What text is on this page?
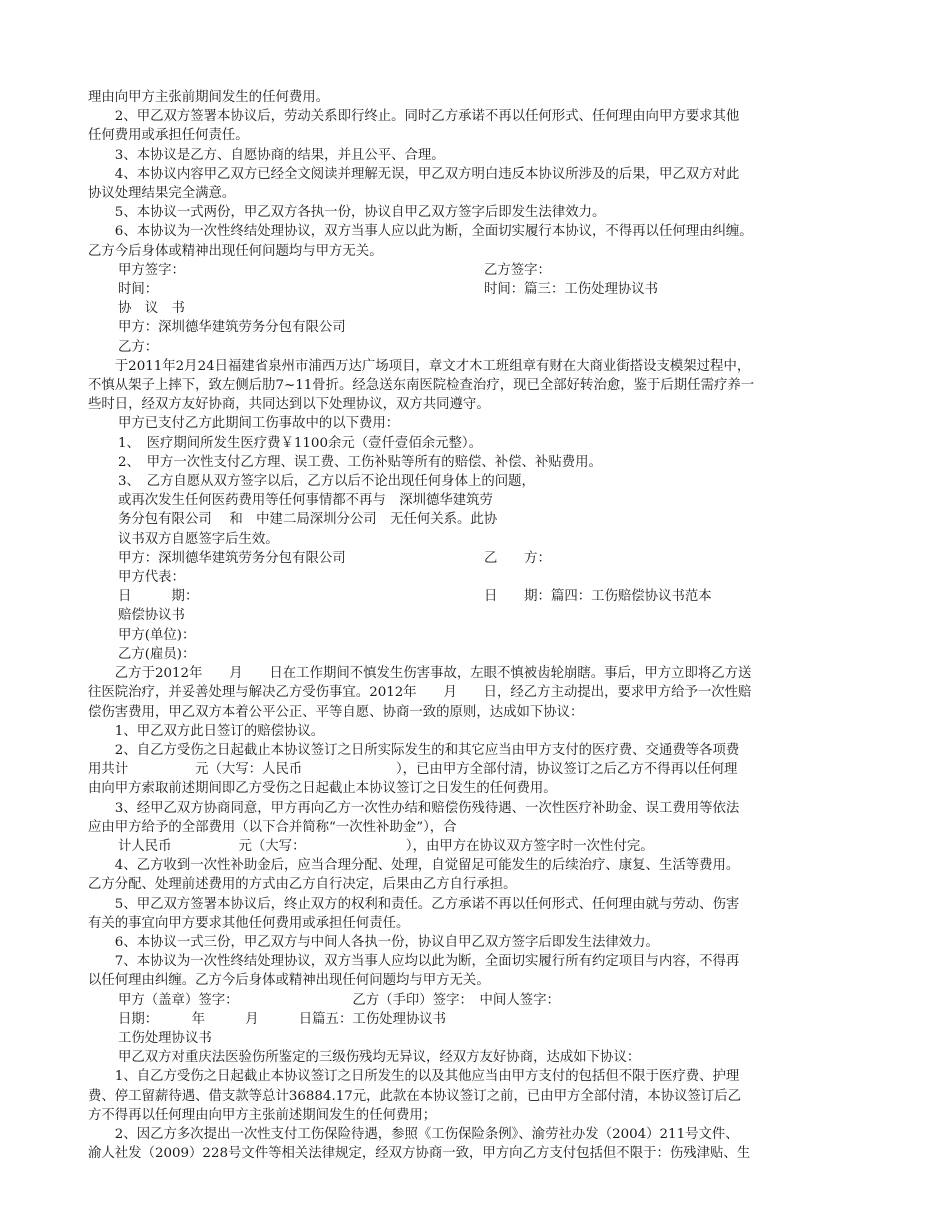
理由向甲方主张前期间发生的任何费用。
2、甲乙双方签署本协议后，劳动关系即行终止。同时乙方承诺不再以任何形式、任何理由向甲方要求其他
任何费用或承担任何责任。
3、本协议是乙方、自愿协商的结果，并且公平、合理。
4、本协议内容甲乙双方已经全文阅读并理解无误，甲乙双方明白违反本协议所涉及的后果，甲乙双方对此
协议处理结果完全满意。
5、本协议一式两份，甲乙双方各执一份，协议自甲乙双方签字后即发生法律效力。
6、本协议为一次性终结处理协议，双方当事人应以此为断，全面切实履行本协议，不得再以任何理由纠缠。
乙方今后身体或精神出现任何问题均与甲方无关。
甲方签字：	乙方签字：
时间：	时间：篇三：工伤处理协议书
协　议　书
甲方：深圳德华建筑劳务分包有限公司
乙方：
于2011年2月24日福建省泉州市浦西万达广场项目，章文才木工班组章有财在大商业街搭设支模架过程中，
不慎从架子上摔下，致左侧后肋7~11骨折。经急送东南医院检查治疗，现已全部好转治愈，鉴于后期任需疗养一
些时日，经双方友好协商，共同达到以下处理协议，双方共同遵守。
甲方已支付乙方此期间工伤事故中的以下费用：
1、　医疗期间所发生医疗费￥1100余元（壹仟壹佰余元整）。
2、　甲方一次性支付乙方理、误工费、工伤补贴等所有的赔偿、补偿、补贴费用。
3、　乙方自愿从双方签字以后，乙方以后不论出现任何身体上的问题，
或再次发生任何医药费用等任何事情都不再与　深圳德华建筑劳
务分包有限公司　 和　中建二局深圳分公司　无任何关系。此协
议书双方自愿签字后生效。
甲方：深圳德华建筑劳务分包有限公司	乙　　方：
甲方代表：
日　　　期：	日　　期：篇四：工伤赔偿协议书范本
赔偿协议书
甲方(单位)：
乙方(雇员)：
乙方于2012年　　月　　日在工作期间不慎发生伤害事故，左眼不慎被齿轮崩瞎。事后，甲方立即将乙方送
往医院治疗，并妥善处理与解决乙方受伤事宜。2012年　　月　　日，经乙方主动提出，要求甲方给予一次性赔
偿伤害费用，甲乙双方本着公平公正、平等自愿、协商一致的原则，达成如下协议：
1、甲乙双方此日签订的赔偿协议。
2、自乙方受伤之日起截止本协议签订之日所实际发生的和其它应当由甲方支付的医疗费、交通费等各项费
用共计　　　　　元（大写：人民币　　　　　　　），已由甲方全部付清，协议签订之后乙方不得再以任何理
由向甲方索取前述期间即乙方受伤之日起截止本协议签订之日发生的任何费用。
3、经甲乙双方协商同意，甲方再向乙方一次性办结和赔偿伤残待遇、一次性医疗补助金、误工费用等依法
应由甲方给予的全部费用（以下合并简称“一次性补助金”），合
计人民币　　　　　元（大写：　　　　　　　　），由甲方在协议双方签字时一次性付完。
4、乙方收到一次性补助金后，应当合理分配、处理，自觉留足可能发生的后续治疗、康复、生活等费用。
乙方分配、处理前述费用的方式由乙方自行决定，后果由乙方自行承担。
5、甲乙双方签署本协议后，终止双方的权利和责任。乙方承诺不再以任何形式、任何理由就与劳动、伤害
有关的事宜向甲方要求其他任何费用或承担任何责任。
6、本协议一式三份，甲乙双方与中间人各执一份，协议自甲乙双方签字后即发生法律效力。
7、本协议为一次性终结处理协议，双方当事人应均以此为断，全面切实履行所有约定项目与内容，不得再
以任何理由纠缠。乙方今后身体或精神出现任何问题均与甲方无关。
甲方（盖章）签字：　　　　　　　　　乙方（手印）签字：　中间人签字：
日期：　　　年　　　月　　　日篇五：工伤处理协议书
工伤处理协议书
甲乙双方对重庆法医验伤所鉴定的三级伤残均无异议，经双方友好协商，达成如下协议：
1、自乙方受伤之日起截止本协议签订之日所发生的以及其他应当由甲方支付的包括但不限于医疗费、护理
费、停工留薪待遇、借支款等总计36884.17元，此款在本协议签订之前，已由甲方全部付清，本协议签订后乙
方不得再以任何理由向甲方主张前述期间发生的任何费用；
2、因乙方多次提出一次性支付工伤保险待遇，参照《工伤保险条例》、渝劳社办发（2004）211号文件、
渝人社发（2009）228号文件等相关法律规定，经双方协商一致，甲方向乙方支付包括但不限于：伤残津贴、生
